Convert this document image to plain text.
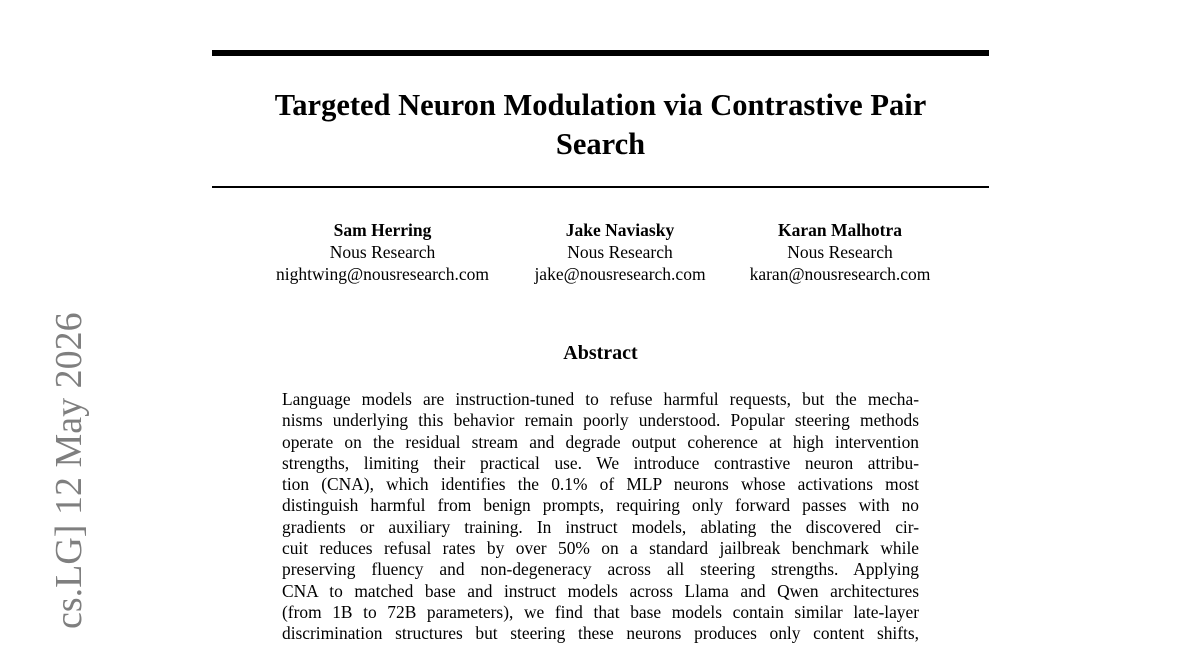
Targeted Neuron Modulation via Contrastive Pair
Search
Sam Herring
Nous Research
nightwing@nousresearch.com
Jake Naviasky
Nous Research
jake@nousresearch.com
Karan Malhotra
Nous Research
karan@nousresearch.com
Abstract
Language models are instruction-tuned to refuse harmful requests, but the mecha-
nisms underlying this behavior remain poorly understood. Popular steering methods
operate on the residual stream and degrade output coherence at high intervention
strengths, limiting their practical use. We introduce contrastive neuron attribu-
tion (CNA), which identifies the 0.1% of MLP neurons whose activations most
distinguish harmful from benign prompts, requiring only forward passes with no
gradients or auxiliary training. In instruct models, ablating the discovered cir-
cuit reduces refusal rates by over 50% on a standard jailbreak benchmark while
preserving fluency and non-degeneracy across all steering strengths. Applying
CNA to matched base and instruct models across Llama and Qwen architectures
(from 1B to 72B parameters), we find that base models contain similar late-layer
discrimination structures but steering these neurons produces only content shifts,
cs.LG] 12 May 2026
